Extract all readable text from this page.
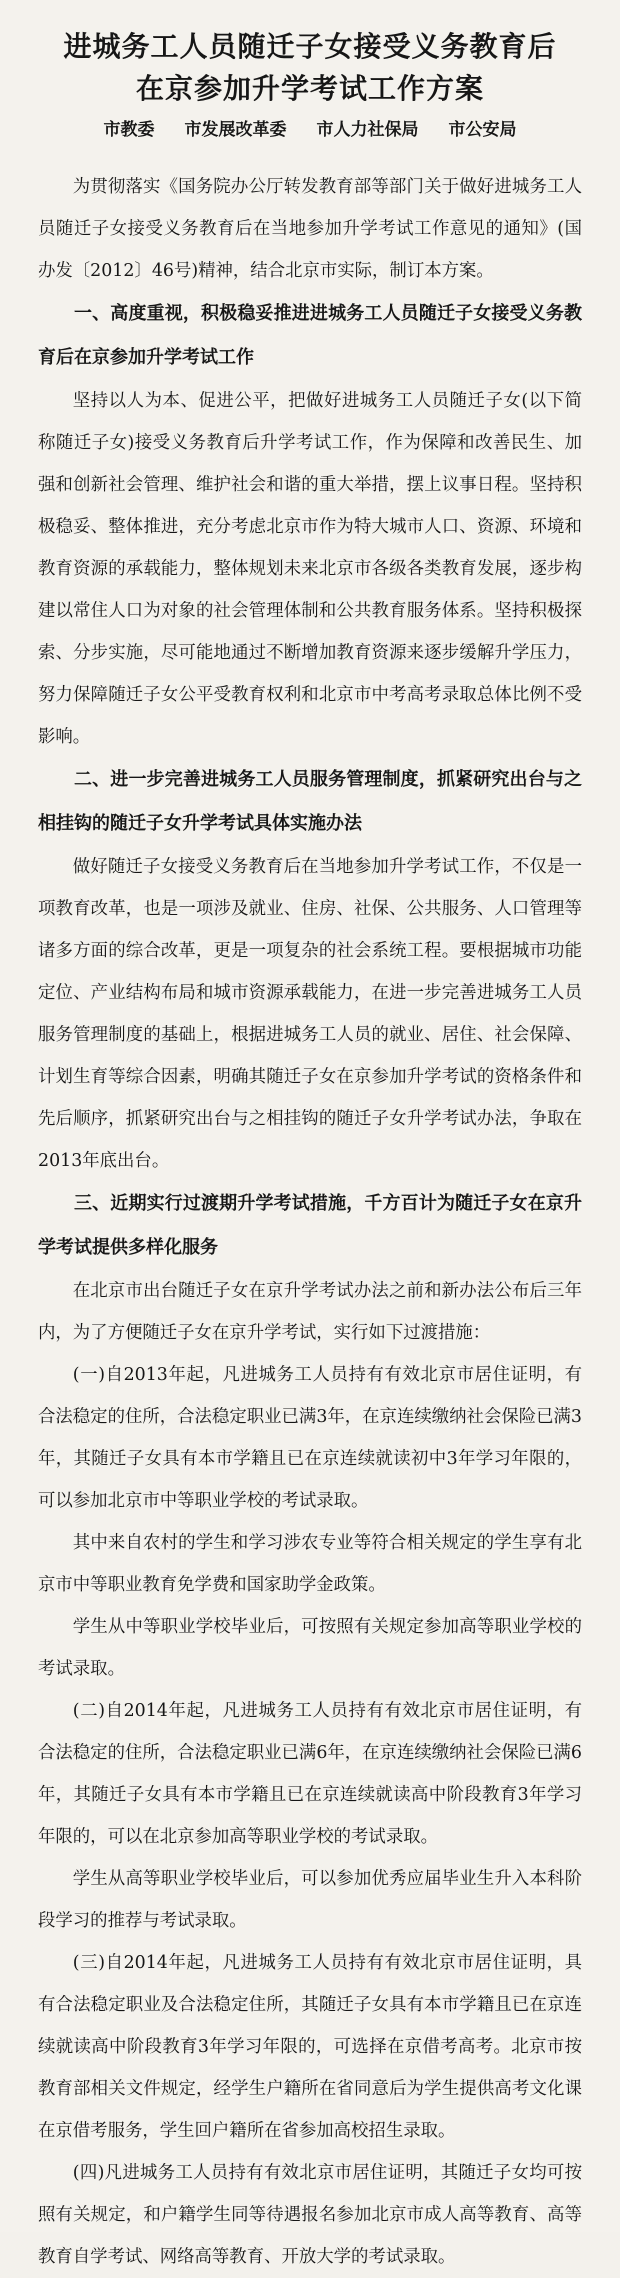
进城务工人员随迁子女接受义务教育后
在京参加升学考试工作方案
市教委 市发展改革委 市人力社保局 市公安局

为贯彻落实《国务院办公厅转发教育部等部门关于做好进城务工人员随迁子女接受义务教育后在当地参加升学考试工作意见的通知》(国办发〔2012〕46号)精神，结合北京市实际，制订本方案。

一、高度重视，积极稳妥推进进城务工人员随迁子女接受义务教育后在京参加升学考试工作

坚持以人为本、促进公平，把做好进城务工人员随迁子女(以下简称随迁子女)接受义务教育后升学考试工作，作为保障和改善民生、加强和创新社会管理、维护社会和谐的重大举措，摆上议事日程。坚持积极稳妥、整体推进，充分考虑北京市作为特大城市人口、资源、环境和教育资源的承载能力，整体规划未来北京市各级各类教育发展，逐步构建以常住人口为对象的社会管理体制和公共教育服务体系。坚持积极探索、分步实施，尽可能地通过不断增加教育资源来逐步缓解升学压力，努力保障随迁子女公平受教育权利和北京市中考高考录取总体比例不受影响。

二、进一步完善进城务工人员服务管理制度，抓紧研究出台与之相挂钩的随迁子女升学考试具体实施办法

做好随迁子女接受义务教育后在当地参加升学考试工作，不仅是一项教育改革，也是一项涉及就业、住房、社保、公共服务、人口管理等诸多方面的综合改革，更是一项复杂的社会系统工程。要根据城市功能定位、产业结构布局和城市资源承载能力，在进一步完善进城务工人员服务管理制度的基础上，根据进城务工人员的就业、居住、社会保障、计划生育等综合因素，明确其随迁子女在京参加升学考试的资格条件和先后顺序，抓紧研究出台与之相挂钩的随迁子女升学考试办法，争取在2013年底出台。

三、近期实行过渡期升学考试措施，千方百计为随迁子女在京升学考试提供多样化服务

在北京市出台随迁子女在京升学考试办法之前和新办法公布后三年内，为了方便随迁子女在京升学考试，实行如下过渡措施：

(一)自2013年起，凡进城务工人员持有有效北京市居住证明，有合法稳定的住所，合法稳定职业已满3年，在京连续缴纳社会保险已满3年，其随迁子女具有本市学籍且已在京连续就读初中3年学习年限的，可以参加北京市中等职业学校的考试录取。

其中来自农村的学生和学习涉农专业等符合相关规定的学生享有北京市中等职业教育免学费和国家助学金政策。

学生从中等职业学校毕业后，可按照有关规定参加高等职业学校的考试录取。

(二)自2014年起，凡进城务工人员持有有效北京市居住证明，有合法稳定的住所，合法稳定职业已满6年，在京连续缴纳社会保险已满6年，其随迁子女具有本市学籍且已在京连续就读高中阶段教育3年学习年限的，可以在北京参加高等职业学校的考试录取。

学生从高等职业学校毕业后，可以参加优秀应届毕业生升入本科阶段学习的推荐与考试录取。

(三)自2014年起，凡进城务工人员持有有效北京市居住证明，具有合法稳定职业及合法稳定住所，其随迁子女具有本市学籍且已在京连续就读高中阶段教育3年学习年限的，可选择在京借考高考。北京市按教育部相关文件规定，经学生户籍所在省同意后为学生提供高考文化课在京借考服务，学生回户籍所在省参加高校招生录取。

(四)凡进城务工人员持有有效北京市居住证明，其随迁子女均可按照有关规定，和户籍学生同等待遇报名参加北京市成人高等教育、高等教育自学考试、网络高等教育、开放大学的考试录取。
